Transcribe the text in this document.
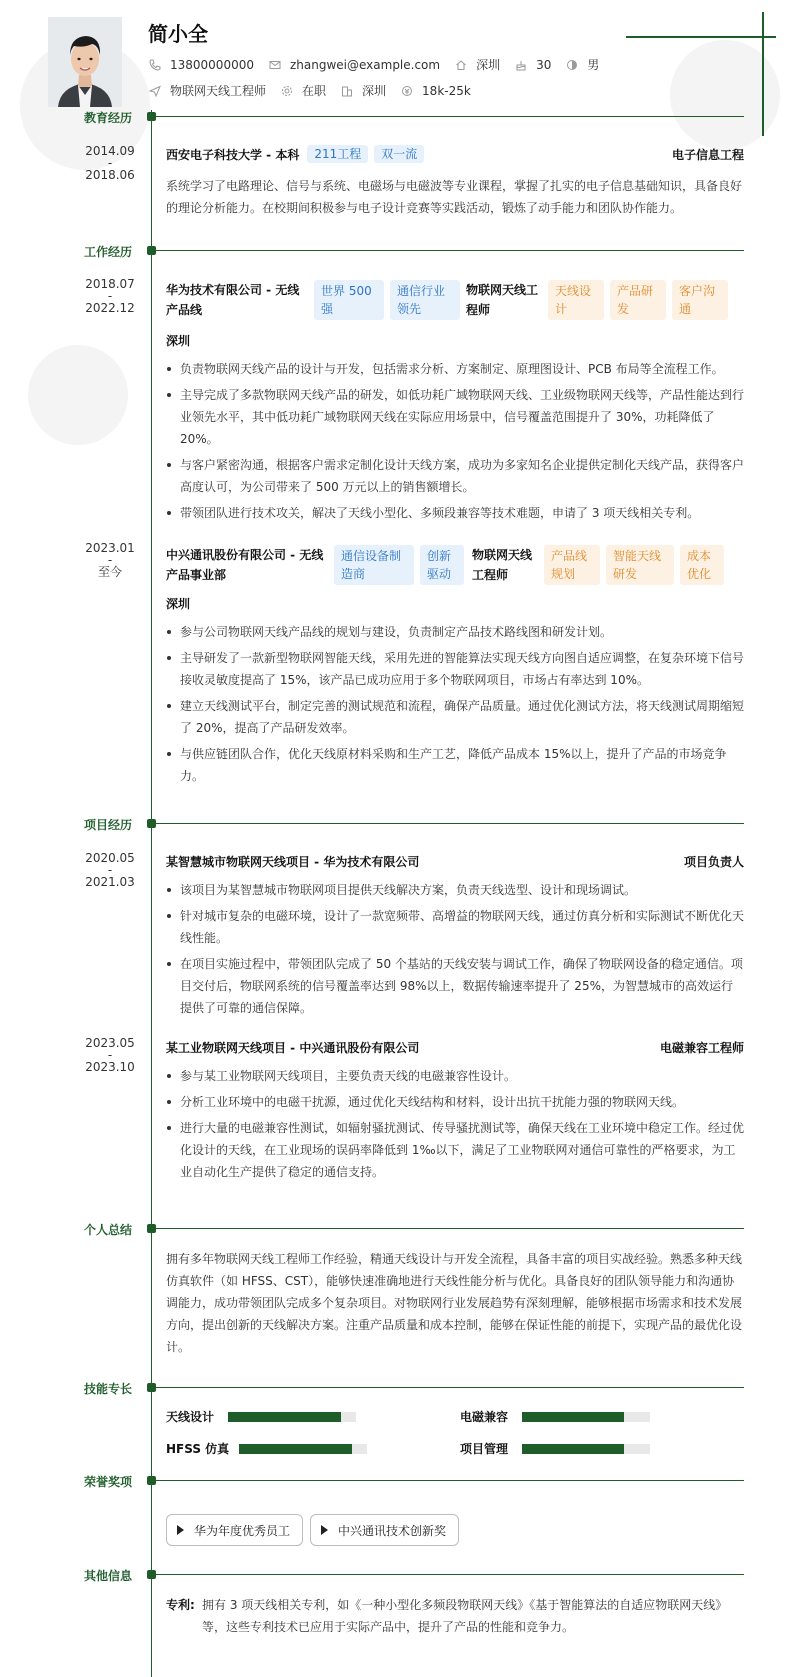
简小全
13800000000	zhangwei@example.com	深圳	30	男
物联网天线工程师	在职	深圳	18k-25k
教育经历
2014.09
-
2018.06
西安电子科技大学 - 本科	211工程	双一流	电子信息工程
系统学习了电路理论、信号与系统、电磁场与电磁波等专业课程，掌握了扎实的电子信息基础知识，具备良好的理论分析能力。在校期间积极参与电子设计竞赛等实践活动，锻炼了动手能力和团队协作能力。
工作经历
2018.07
-
2022.12
华为技术有限公司 - 无线产品线
世界 500 强
通信行业领先
物联网天线工程师
天线设计
产品研发
客户沟通
深圳
负责物联网天线产品的设计与开发，包括需求分析、方案制定、原理图设计、PCB 布局等全流程工作。
主导完成了多款物联网天线产品的研发，如低功耗广域物联网天线、工业级物联网天线等，产品性能达到行业领先水平，其中低功耗广域物联网天线在实际应用场景中，信号覆盖范围提升了 30%，功耗降低了 20%。
与客户紧密沟通，根据客户需求定制化设计天线方案，成功为多家知名企业提供定制化天线产品，获得客户高度认可，为公司带来了 500 万元以上的销售额增长。
带领团队进行技术攻关，解决了天线小型化、多频段兼容等技术难题，申请了 3 项天线相关专利。
2023.01
-
至今
中兴通讯股份有限公司 - 无线产品事业部
通信设备制造商
创新驱动
物联网天线工程师
产品线规划
智能天线研发
成本优化
深圳
参与公司物联网天线产品线的规划与建设，负责制定产品技术路线图和研发计划。
主导研发了一款新型物联网智能天线，采用先进的智能算法实现天线方向图自适应调整，在复杂环境下信号接收灵敏度提高了 15%，该产品已成功应用于多个物联网项目，市场占有率达到 10%。
建立天线测试平台，制定完善的测试规范和流程，确保产品质量。通过优化测试方法，将天线测试周期缩短了 20%，提高了产品研发效率。
与供应链团队合作，优化天线原材料采购和生产工艺，降低产品成本 15%以上，提升了产品的市场竞争力。
项目经历
2020.05
-
2021.03
某智慧城市物联网天线项目 - 华为技术有限公司	项目负责人
该项目为某智慧城市物联网项目提供天线解决方案，负责天线选型、设计和现场调试。
针对城市复杂的电磁环境，设计了一款宽频带、高增益的物联网天线，通过仿真分析和实际测试不断优化天线性能。
在项目实施过程中，带领团队完成了 50 个基站的天线安装与调试工作，确保了物联网设备的稳定通信。项目交付后，物联网系统的信号覆盖率达到 98%以上，数据传输速率提升了 25%，为智慧城市的高效运行提供了可靠的通信保障。
2023.05
-
2023.10
某工业物联网天线项目 - 中兴通讯股份有限公司	电磁兼容工程师
参与某工业物联网天线项目，主要负责天线的电磁兼容性设计。
分析工业环境中的电磁干扰源，通过优化天线结构和材料，设计出抗干扰能力强的物联网天线。
进行大量的电磁兼容性测试，如辐射骚扰测试、传导骚扰测试等，确保天线在工业环境中稳定工作。经过优化设计的天线，在工业现场的误码率降低到 1‰以下，满足了工业物联网对通信可靠性的严格要求，为工业自动化生产提供了稳定的通信支持。
个人总结
拥有多年物联网天线工程师工作经验，精通天线设计与开发全流程，具备丰富的项目实战经验。熟悉多种天线仿真软件（如 HFSS、CST），能够快速准确地进行天线性能分析与优化。具备良好的团队领导能力和沟通协调能力，成功带领团队完成多个复杂项目。对物联网行业发展趋势有深刻理解，能够根据市场需求和技术发展方向，提出创新的天线解决方案。注重产品质量和成本控制，能够在保证性能的前提下，实现产品的最优化设计。
技能专长
天线设计	电磁兼容
HFSS 仿真	项目管理
荣誉奖项
华为年度优秀员工	中兴通讯技术创新奖
其他信息
专利: 拥有 3 项天线相关专利，如《一种小型化多频段物联网天线》《基于智能算法的自适应物联网天线》等，这些专利技术已应用于实际产品中，提升了产品的性能和竞争力。
